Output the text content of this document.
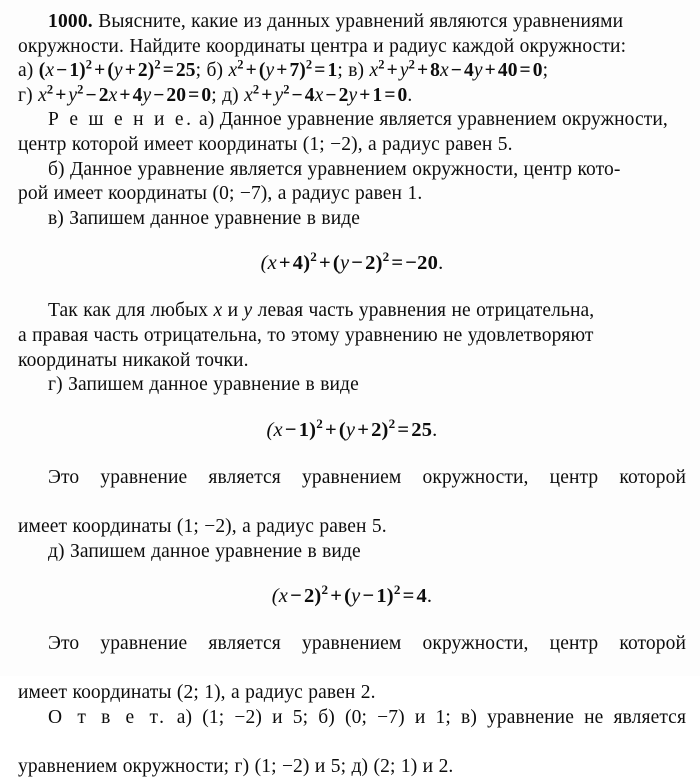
1000. Выясните, какие из данных уравнений являются уравнениями

окружности. Найдите координаты центра и радиус каждой окружности:

а) $(x - 1)^2 + (y + 2)^2 = 25$; б) $x^2 + (y + 7)^2 = 1$; в) $x^2 + y^2 + 8x - 4y + 40 = 0$;

г) $x^2 + y^2 - 2x + 4y - 20 = 0$; д) $x^2 + y^2 - 4x - 2y + 1 = 0$.

Р е ш е н и е. а) Данное уравнение является уравнением окружности,

центр которой имеет координаты (1; −2), а радиус равен 5.

б) Данное уравнение является уравнением окружности, центр кото-

рой имеет координаты (0; −7), а радиус равен 1.

в) Запишем данное уравнение в виде

$(x+4)^2+(y-2)^2=-20$.

Так как для любых x и y левая часть уравнения не отрицательна,

а правая часть отрицательна, то этому уравнению не удовлетворяют

координаты никакой точки.

г) Запишем данное уравнение в виде

$(x-1)^2+(y+2)^2=25$.

Это уравнение является уравнением окружности, центр которой

имеет координаты (1; −2), а радиус равен 5.

д) Запишем данное уравнение в виде

$(x-2)^2+(y-1)^2=4$.

Это уравнение является уравнением окружности, центр которой

имеет координаты (2; 1), а радиус равен 2.

О т в е т. а) (1; −2) и 5; б) (0; −7) и 1; в) уравнение не является

уравнением окружности; г) (1; −2) и 5; д) (2; 1) и 2.
